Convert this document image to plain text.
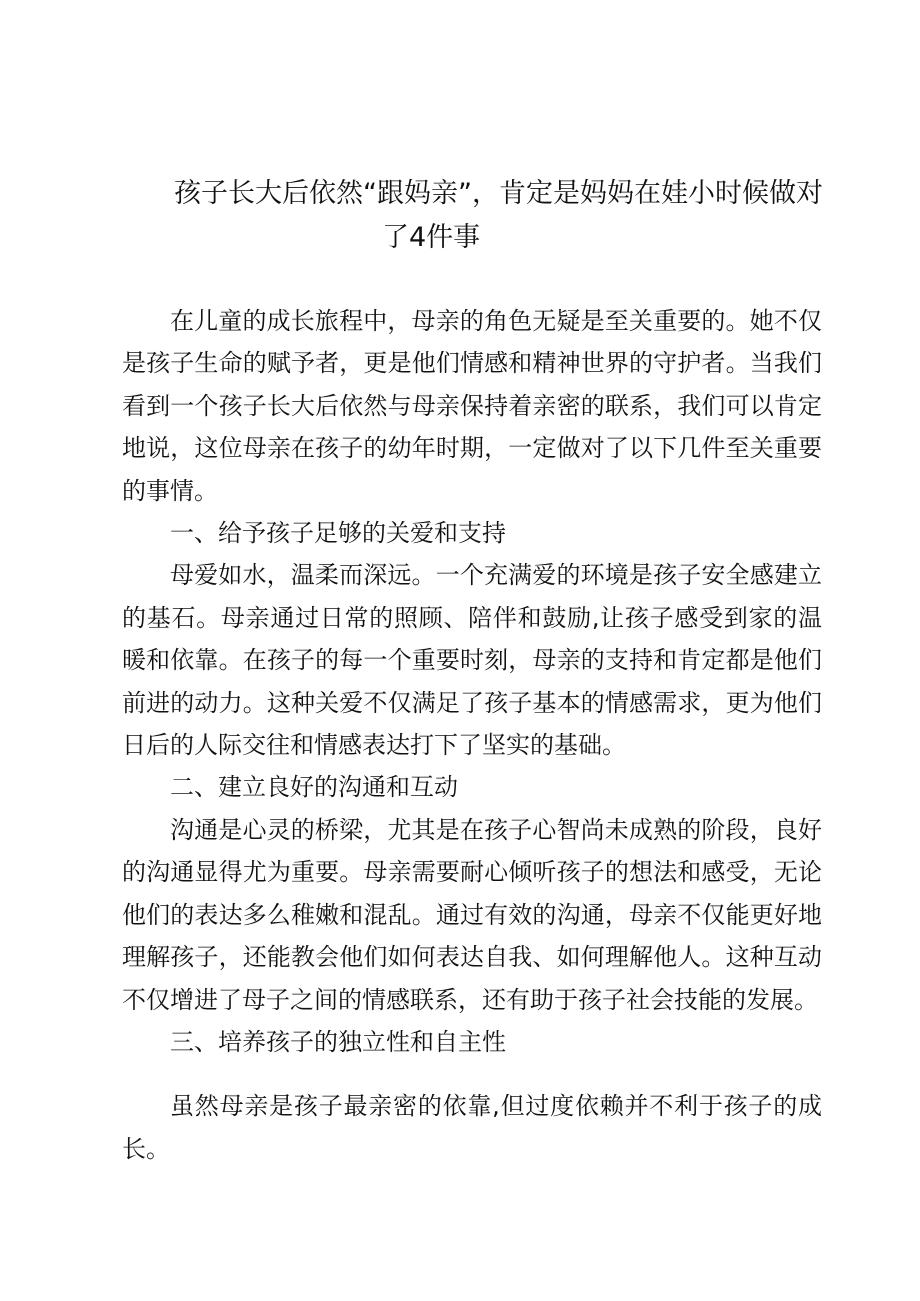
孩子长大后依然“跟妈亲”，肯定是妈妈在娃小时候做对
了4件事

在儿童的成长旅程中，母亲的角色无疑是至关重要的。她不仅是孩子生命的赋予者，更是他们情感和精神世界的守护者。当我们看到一个孩子长大后依然与母亲保持着亲密的联系，我们可以肯定地说，这位母亲在孩子的幼年时期，一定做对了以下几件至关重要的事情。

一、给予孩子足够的关爱和支持

母爱如水，温柔而深远。一个充满爱的环境是孩子安全感建立的基石。母亲通过日常的照顾、陪伴和鼓励,让孩子感受到家的温暖和依靠。在孩子的每一个重要时刻，母亲的支持和肯定都是他们前进的动力。这种关爱不仅满足了孩子基本的情感需求，更为他们日后的人际交往和情感表达打下了坚实的基础。

二、建立良好的沟通和互动

沟通是心灵的桥梁，尤其是在孩子心智尚未成熟的阶段，良好的沟通显得尤为重要。母亲需要耐心倾听孩子的想法和感受，无论他们的表达多么稚嫩和混乱。通过有效的沟通，母亲不仅能更好地理解孩子，还能教会他们如何表达自我、如何理解他人。这种互动不仅增进了母子之间的情感联系，还有助于孩子社会技能的发展。

三、培养孩子的独立性和自主性

虽然母亲是孩子最亲密的依靠,但过度依赖并不利于孩子的成长。
